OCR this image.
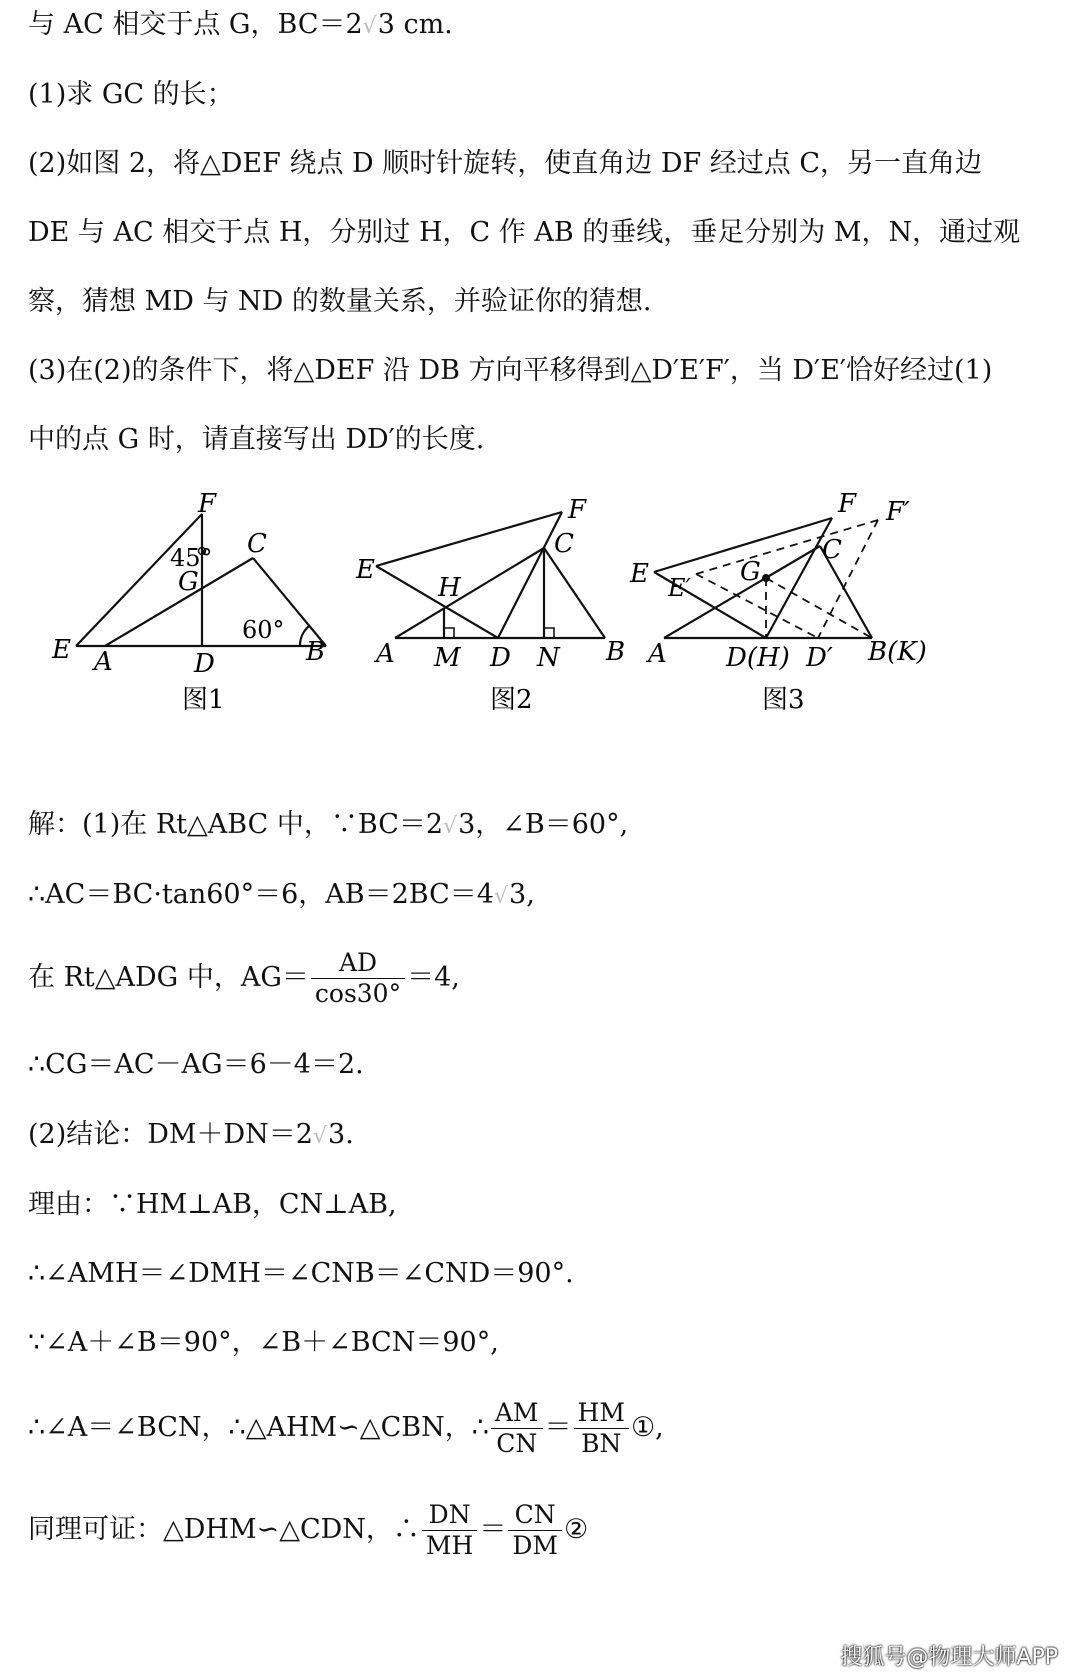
与 AC 相交于点 G，BC＝2 √ 3 cm.
(1)求 GC 的长；
(2)如图 2，将△DEF 绕点 D 顺时针旋转，使直角边 DF 经过点 C，另一直角边
DE 与 AC 相交于点 H，分别过 H，C 作 AB 的垂线，垂足分别为 M，N，通过观
察，猜想 MD 与 ND 的数量关系，并验证你的猜想.
(3)在(2)的条件下，将△DEF 沿 DB 方向平移得到△D′E′F′，当 D′E′恰好经过(1)
中的点 G 时，请直接写出 DD′的长度.
F
45°
G
C
60°
E A	D	B
图1
F
C
E
H
A M D N B
图2
F F′
C
E E′
G
A D(H) D′ B(K)
图3
解：(1)在 Rt△ABC 中，∵BC＝2 √ 3，∠B＝60°,
∴AC＝BC·tan60°＝6，AB＝2BC＝4 √ 3,
在 Rt△ADG 中，$AG= \frac{AD}{\cos 30^\circ} =4$,
∴CG＝AC－AG＝6－4＝2.
(2)结论：DM＋DN＝2 √ 3.
理由：∵HM⊥AB，CN⊥AB,
∴∠AMH＝∠DMH＝∠CNB＝∠CND＝90°.
∵∠A＋∠B＝90°，∠B＋∠BCN＝90°,
∴∠A＝∠BCN，∴△AHM∽△CBN，∴ $\frac{AM}{CN} = \frac{HM}{BN}$ ①,
同理可证：△DHM∽△CDN，∴ $\frac{DN}{MH} = \frac{CN}{DM}$ ②
搜狐号@物理大师APP
